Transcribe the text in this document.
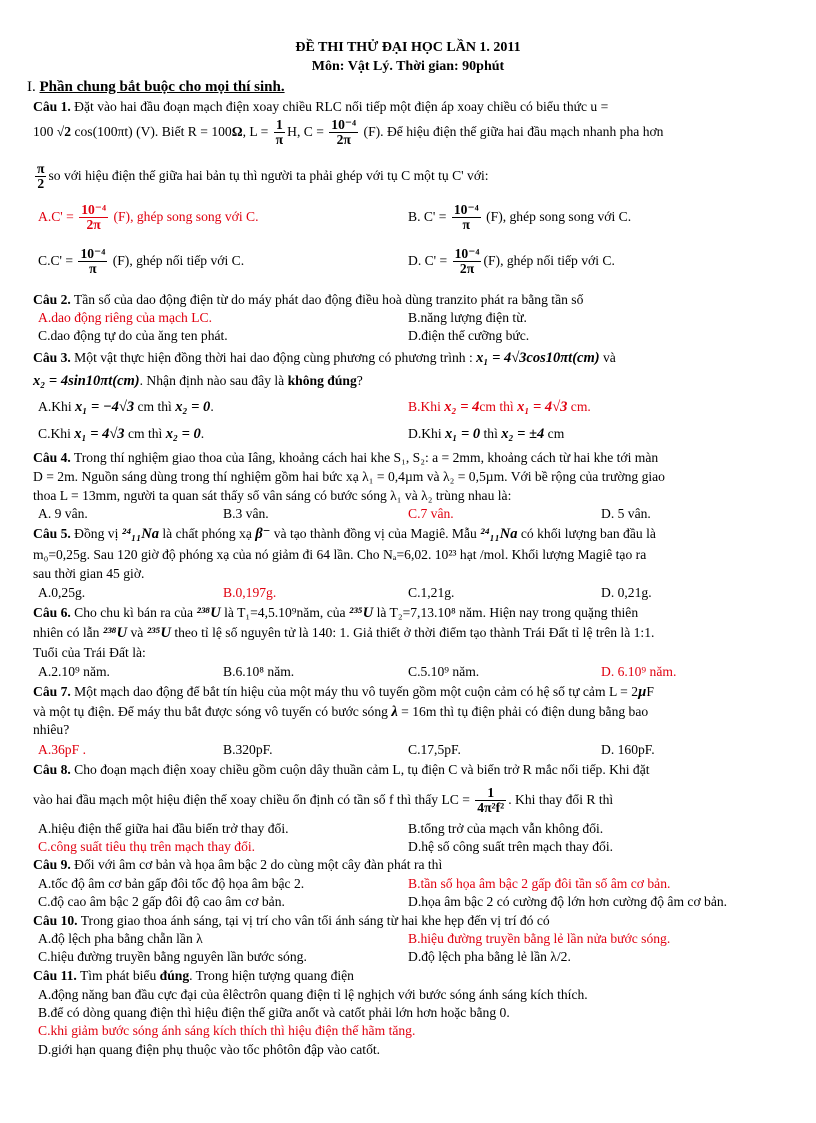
ĐỀ THI THỬ ĐẠI HỌC LẦN 1. 2011
Môn: Vật Lý. Thời gian: 90phút
I. Phần chung bắt buộc cho mọi thí sinh.
Câu 1. Đặt vào hai đầu đoạn mạch điện xoay chiều RLC nối tiếp một điện áp xoay chiều có biểu thức u =
100 √2 cos(100πt) (V). Biết R = 100Ω, $L = \frac{1}{\pi} H$, $C = \frac{\text{10⁻⁴}}{2\pi} (F)$. Để hiệu điện thế giữa hai đầu mạch nhanh pha hơn
$\frac{\pi}{2}$ so với hiệu điện thế giữa hai bản tụ thì người ta phải ghép với tụ C một tụ C' với:
$A.C' = \frac{\text{10⁻⁴}}{2\pi} (F)$, ghép song song với C.	B. $C' = \frac{\text{10⁻⁴}}{\pi} (F)$, ghép song song với C.
$C.C' = \frac{\text{10⁻⁴}}{\pi} (F)$, ghép nối tiếp với C.	D. $C' = \frac{\text{10⁻⁴}}{2\pi} (F)$, ghép nối tiếp với C.
Câu 2. Tần số của dao động điện từ do máy phát dao động điều hoà dùng tranzito phát ra bằng tần số
A.dao động riêng của mạch LC.	B.năng lượng điện từ.
C.dao động tự do của ăng ten phát.	D.điện thế cưỡng bức.
Câu 3. Một vật thực hiện đồng thời hai dao động cùng phương có phương trình : x₁ = 4√3cos10πt(cm) và
x₂ = 4sin10πt(cm). Nhận định nào sau đây là không đúng?
A.Khi x₁ = −4√3 cm thì x₂ = 0.	B.Khi x₂ = 4cm thì x₁ = 4√3 cm.
C.Khi x₁ = 4√3 cm thì x₂ = 0.	D.Khi x₁ = 0 thì x₂ = ±4 cm
Câu 4. Trong thí nghiệm giao thoa của Iâng, khoảng cách hai khe S₁, S₂: a = 2mm, khoảng cách từ hai khe tới màn
D = 2m. Nguồn sáng dùng trong thí nghiệm gồm hai bức xạ λ₁ = 0,4µm và λ₂ = 0,5µm. Với bề rộng của trường giao
thoa L = 13mm, người ta quan sát thấy số vân sáng có bước sóng λ₁ và λ₂ trùng nhau là:
A. 9 vân.	B.3 vân.	C.7 vân.	D. 5 vân.
Câu 5. Đồng vị ²⁴₁₁Na là chất phóng xạ β⁻ và tạo thành đồng vị của Magiê. Mẫu ²⁴₁₁Na có khối lượng ban đầu là
m₀=0,25g. Sau 120 giờ độ phóng xạ của nó giảm đi 64 lần. Cho Nₐ=6,02. 10²³ hạt /mol. Khối lượng Magiê tạo ra
sau thời gian 45 giờ.
A.0,25g.	B.0,197g.	C.1,21g.	D. 0,21g.
Câu 6. Cho chu kì bán ra của ²³⁸U là T₁=4,5.10⁹năm, của ²³⁵U là T₂=7,13.10⁸ năm. Hiện nay trong quặng thiên
nhiên có lẫn ²³⁸U và ²³⁵U theo tỉ lệ số nguyên tử là 140: 1. Giả thiết ở thời điểm tạo thành Trái Đất tỉ lệ trên là 1:1.
Tuổi của Trái Đất là:
A.2.10⁹ năm.	B.6.10⁸ năm.	C.5.10⁹ năm.	D. 6.10⁹ năm.
Câu 7. Một mạch dao động để bắt tín hiệu của một máy thu vô tuyến gồm một cuộn cảm có hệ số tự cảm L = 2µF
và một tụ điện. Để máy thu bắt được sóng vô tuyến có bước sóng λ = 16m thì tụ điện phải có điện dung bằng bao
nhiêu?
A.36pF .	B.320pF.	C.17,5pF.	D. 160pF.
Câu 8. Cho đoạn mạch điện xoay chiều gồm cuộn dây thuần cảm L, tụ điện C và biến trở R mắc nối tiếp. Khi đặt
vào hai đầu mạch một hiệu điện thế xoay chiều ổn định có tần số f thì thấy LC = $\frac{1}{\text{4π²f²}}$ . Khi thay đổi R thì
A.hiệu điện thế giữa hai đầu biến trở thay đổi.	B.tổng trở của mạch vẫn không đổi.
C.công suất tiêu thụ trên mạch thay đổi.	D.hệ số công suất trên mạch thay đổi.
Câu 9. Đối với âm cơ bản và họa âm bậc 2 do cùng một cây đàn phát ra thì
A.tốc độ âm cơ bản gấp đôi tốc độ họa âm bậc 2.	B.tần số họa âm bậc 2 gấp đôi tần số âm cơ bản.
C.độ cao âm bậc 2 gấp đôi độ cao âm cơ bản.	D.họa âm bậc 2 có cường độ lớn hơn cường độ âm cơ bản.
Câu 10. Trong giao thoa ánh sáng, tại vị trí cho vân tối ánh sáng từ hai khe hẹp đến vị trí đó có
A.độ lệch pha bằng chẵn lần λ	B.hiệu đường truyền bằng lẻ lần nửa bước sóng.
C.hiệu đường truyền bằng nguyên lần bước sóng.	D.độ lệch pha bằng lẻ lần λ/2.
Câu 11. Tìm phát biểu đúng. Trong hiện tượng quang điện
A.động năng ban đầu cực đại của êlêctrôn quang điện tỉ lệ nghịch với bước sóng ánh sáng kích thích.
B.để có dòng quang điện thì hiệu điện thế giữa anốt và catốt phải lớn hơn hoặc bằng 0.
C.khi giảm bước sóng ánh sáng kích thích thì hiệu điện thế hãm tăng.
D.giới hạn quang điện phụ thuộc vào tốc phôtôn đập vào catốt.
